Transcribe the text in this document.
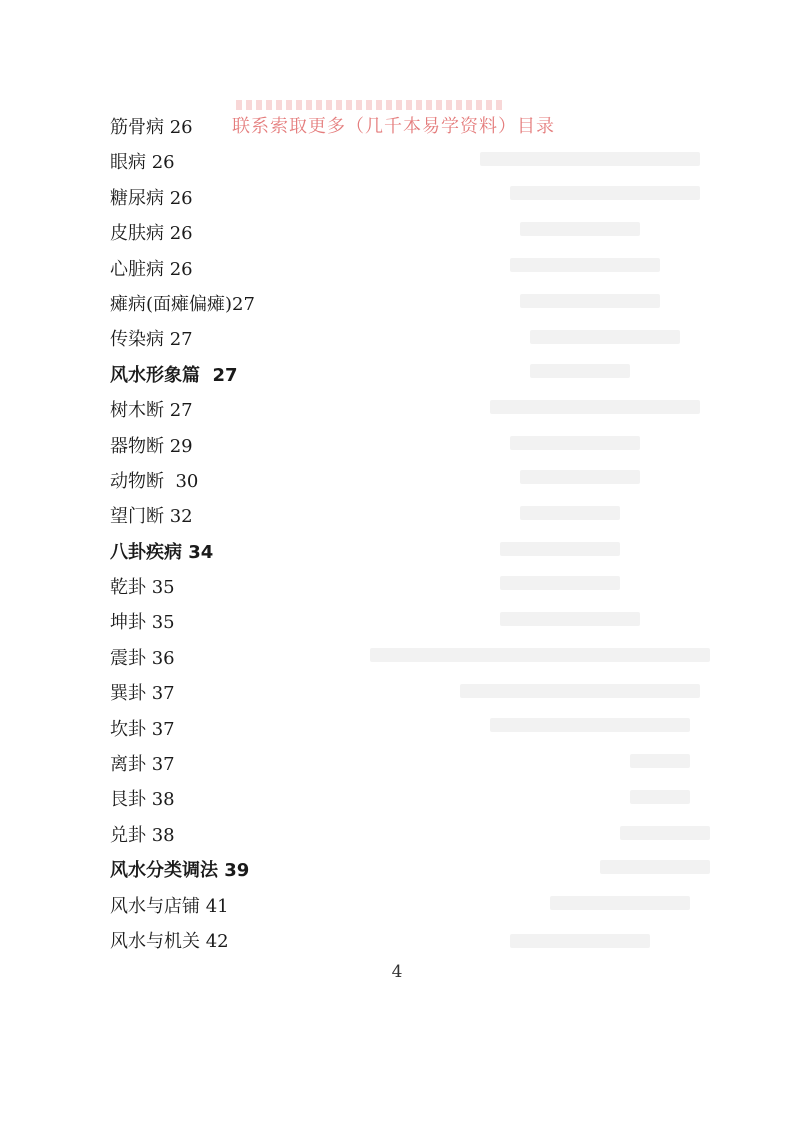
联系索取更多（几千本易学资料）目录
筋骨病 26
眼病 26
糖尿病 26
皮肤病 26
心脏病 26
瘫病(面瘫偏瘫)27
传染病 27
风水形象篇  27
树木断 27
器物断 29
动物断  30
望门断 32
八卦疾病 34
乾卦 35
坤卦 35
震卦 36
巽卦 37
坎卦 37
离卦 37
艮卦 38
兑卦 38
风水分类调法 39
风水与店铺 41
风水与机关 42
4
